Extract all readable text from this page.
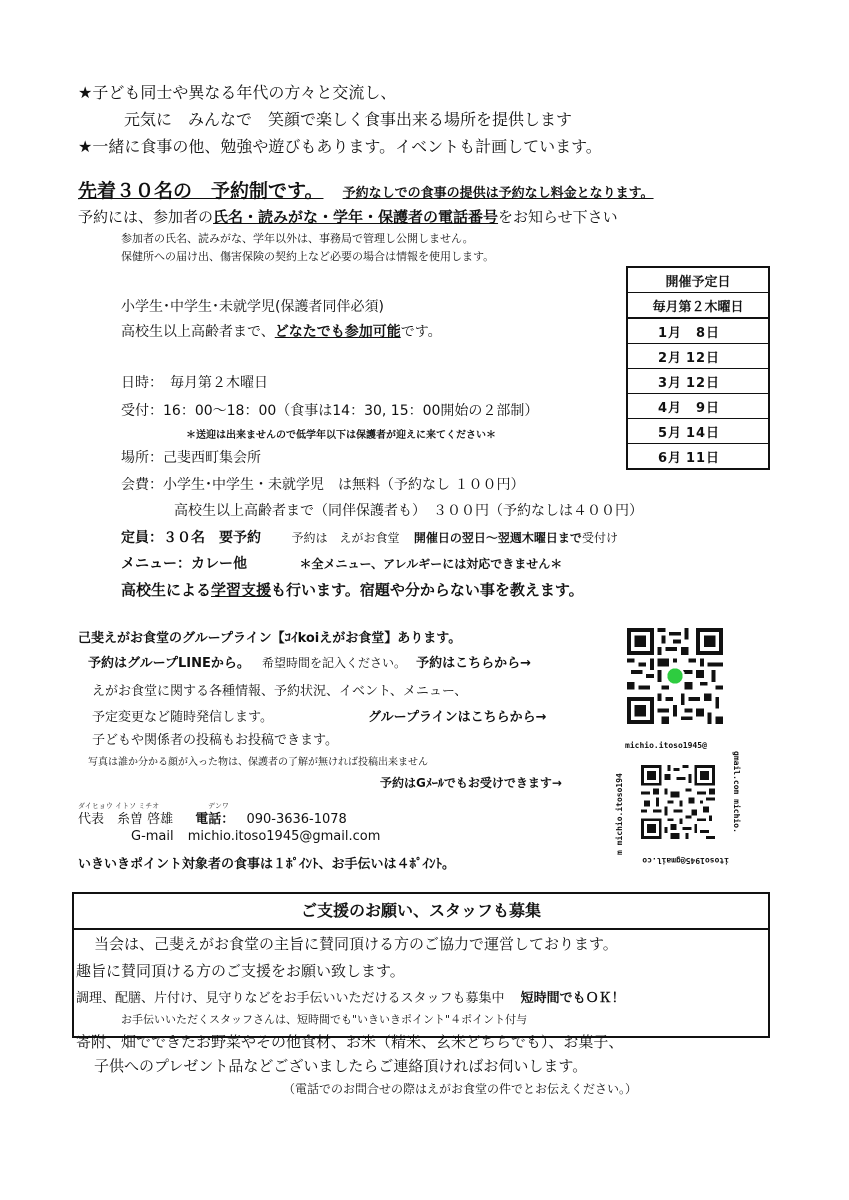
★子ども同士や異なる年代の方々と交流し、
元気に　みんなで　笑顔で楽しく食事出来る場所を提供します
★一緒に食事の他、勉強や遊びもあります。イベントも計画しています。
先着３０名の　予約制です。 予約なしでの食事の提供は予約なし料金となります。
予約には、参加者の氏名・読みがな・学年・保護者の電話番号をお知らせ下さい
参加者の氏名、読みがな、学年以外は、事務局で管理し公開しません。
保健所への届け出、傷害保険の契約上など必要の場合は情報を使用します。
開催予定日
毎月第２木曜日
1月 8日
2月 12日
3月 12日
4月 9日
5月 14日
6月 11日
小学生･中学生･未就学児(保護者同伴必須)
高校生以上高齢者まで、どなたでも参加可能です。
日時：　毎月第２木曜日
受付：16：00～18：00（食事は14：30, 15：00開始の２部制）
＊送迎は出来ませんので低学年以下は保護者が迎えに来てください＊
場所：己斐西町集会所
会費：小学生･中学生・未就学児　は無料（予約なし １００円）
高校生以上高齢者まで（同伴保護者も）　３００円（予約なしは４００円）
定員：３０名　要予約	予約は　えがお食堂 開催日の翌日～翌週木曜日まで受付け
メニュー：カレー他	＊全メニュー、アレルギーには対応できません＊
高校生による学習支援も行います。宿題や分からない事を教えます。
己斐えがお食堂のグループライン【ｺｲkoiえがお食堂】あります。
予約はグループLINEから。 希望時間を記入ください。 予約はこちらから→
えがお食堂に関する各種情報、予約状況、イベント、メニュー、
予定変更など随時発信します。	グループラインはこちらから→
子どもや関係者の投稿もお投稿できます。
写真は誰か分かる顔が入った物は、保護者の了解が無ければ投稿出来ません
予約はGﾒｰﾙでもお受けできます→
michio.itoso1945@
gmail.com michio.
itoso1945@gmail.co
m michio.itoso194
ダイヒョウ イトソ ミチオ	デンワ
代表　糸曽 啓雄 電話： 090-3636-1078
G-mail michio.itoso1945@gmail.com
いきいきポイント対象者の食事は１ﾎﾟｲﾝﾄ、お手伝いは４ﾎﾟｲﾝﾄ。
ご支援のお願い、スタッフも募集
当会は、己斐えがお食堂の主旨に賛同頂ける方のご協力で運営しております。
趣旨に賛同頂ける方のご支援をお願い致します。
調理、配膳、片付け、見守りなどをお手伝いいただけるスタッフも募集中 短時間でもＯＫ！
お手伝いいただくスタッフさんは、短時間でも"いきいきポイント"４ポイント付与
寄附、畑でできたお野菜やその他食材、お米（精米、玄米どちらでも）、お菓子、
子供へのプレゼント品などございましたらご連絡頂ければお伺いします。
（電話でのお問合せの際はえがお食堂の件でとお伝えください。）
